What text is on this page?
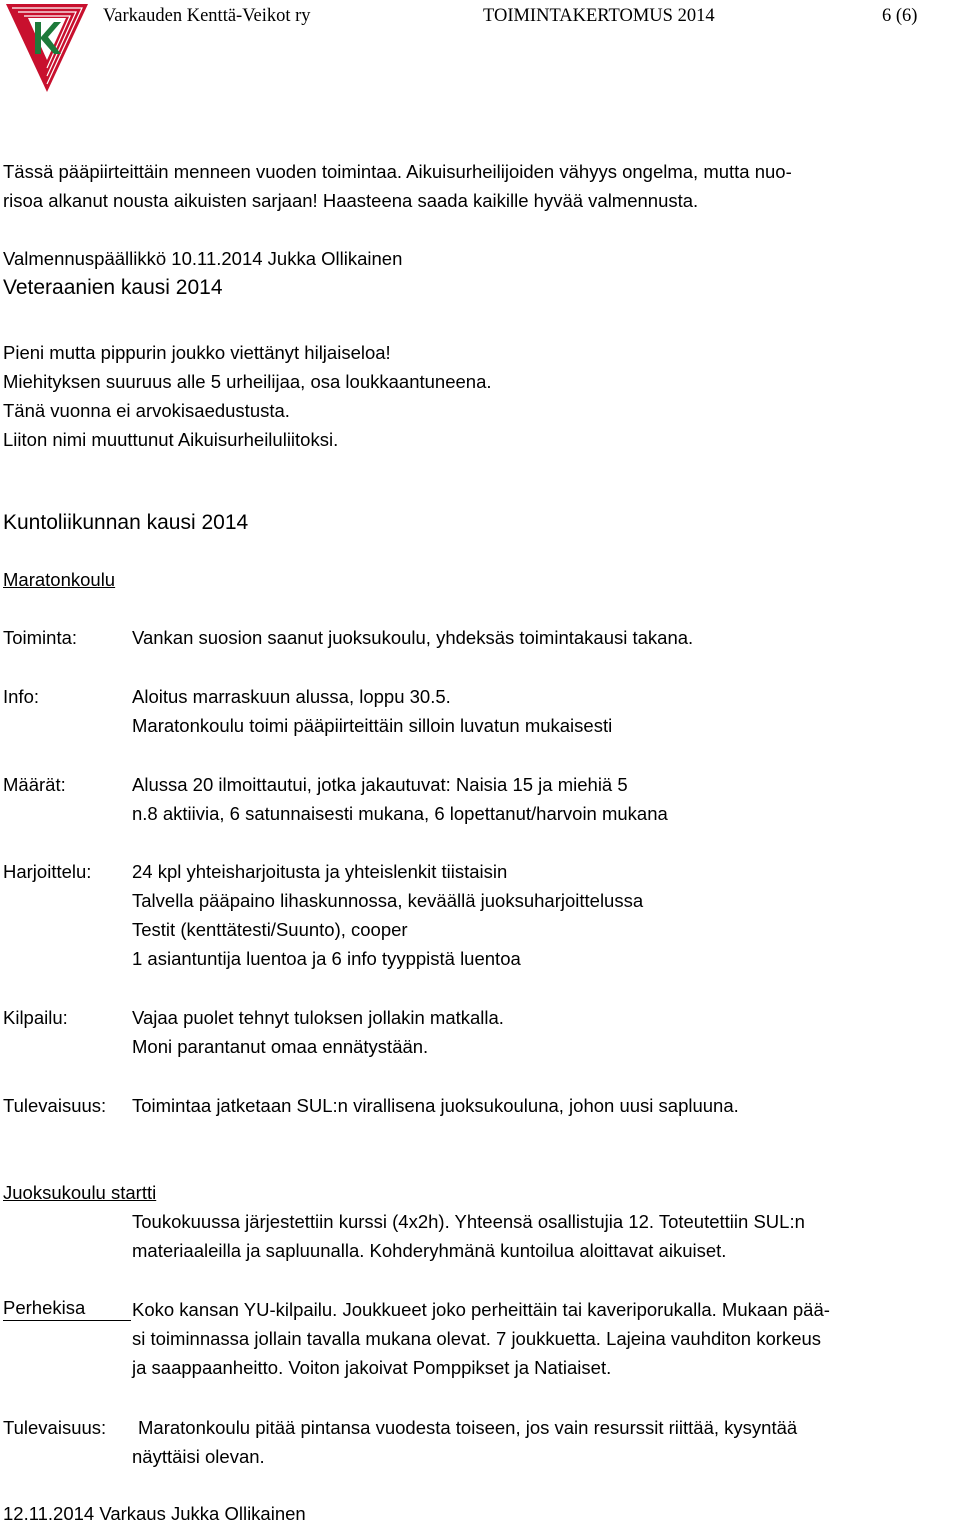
Varkauden Kenttä-Veikot ry	TOIMINTAKERTOMUS 2014	6 (6)
Tässä pääpiirteittäin menneen vuoden toimintaa. Aikuisurheilijoiden vähyys ongelma, mutta nuo-
risoa alkanut nousta aikuisten sarjaan! Haasteena saada kaikille hyvää valmennusta.
Valmennuspäällikkö 10.11.2014 Jukka Ollikainen
Veteraanien kausi 2014
Pieni mutta pippurin joukko viettänyt hiljaiseloa!
Miehityksen suuruus alle 5 urheilijaa, osa loukkaantuneena.
Tänä vuonna ei arvokisaedustusta.
Liiton nimi muuttunut Aikuisurheiluliitoksi.
Kuntoliikunnan kausi 2014
Maratonkoulu
Toiminta:	Vankan suosion saanut juoksukoulu, yhdeksäs toimintakausi takana.
Info:	Aloitus marraskuun alussa, loppu 30.5.
Maratonkoulu toimi pääpiirteittäin silloin luvatun mukaisesti
Määrät:	Alussa 20 ilmoittautui, jotka jakautuvat: Naisia 15 ja miehiä 5
n.8 aktiivia, 6 satunnaisesti mukana, 6 lopettanut/harvoin mukana
Harjoittelu: 24 kpl yhteisharjoitusta ja yhteislenkit tiistaisin
Talvella pääpaino lihaskunnossa, keväällä juoksuharjoittelussa
Testit (kenttätesti/Suunto), cooper
1 asiantuntija luentoa ja 6 info tyyppistä luentoa
Kilpailu:	Vajaa puolet tehnyt tuloksen jollakin matkalla.
Moni parantanut omaa ennätystään.
Tulevaisuus: Toimintaa jatketaan SUL:n virallisena juoksukouluna, johon uusi sapluuna.
Juoksukoulu startti
Toukokuussa järjestettiin kurssi (4x2h). Yhteensä osallistujia 12. Toteutettiin SUL:n
materiaaleilla ja sapluunalla. Kohderyhmänä kuntoilua aloittavat aikuiset.
Perhekisa	Koko kansan YU-kilpailu. Joukkueet joko perheittäin tai kaveriporukalla. Mukaan pää-
si toiminnassa jollain tavalla mukana olevat. 7 joukkuetta. Lajeina vauhditon korkeus
ja saappaanheitto. Voiton jakoivat Pomppikset ja Natiaiset.
Tulevaisuus: Maratonkoulu pitää pintansa vuodesta toiseen, jos vain resurssit riittää, kysyntää
näyttäisi olevan.
12.11.2014 Varkaus Jukka Ollikainen
